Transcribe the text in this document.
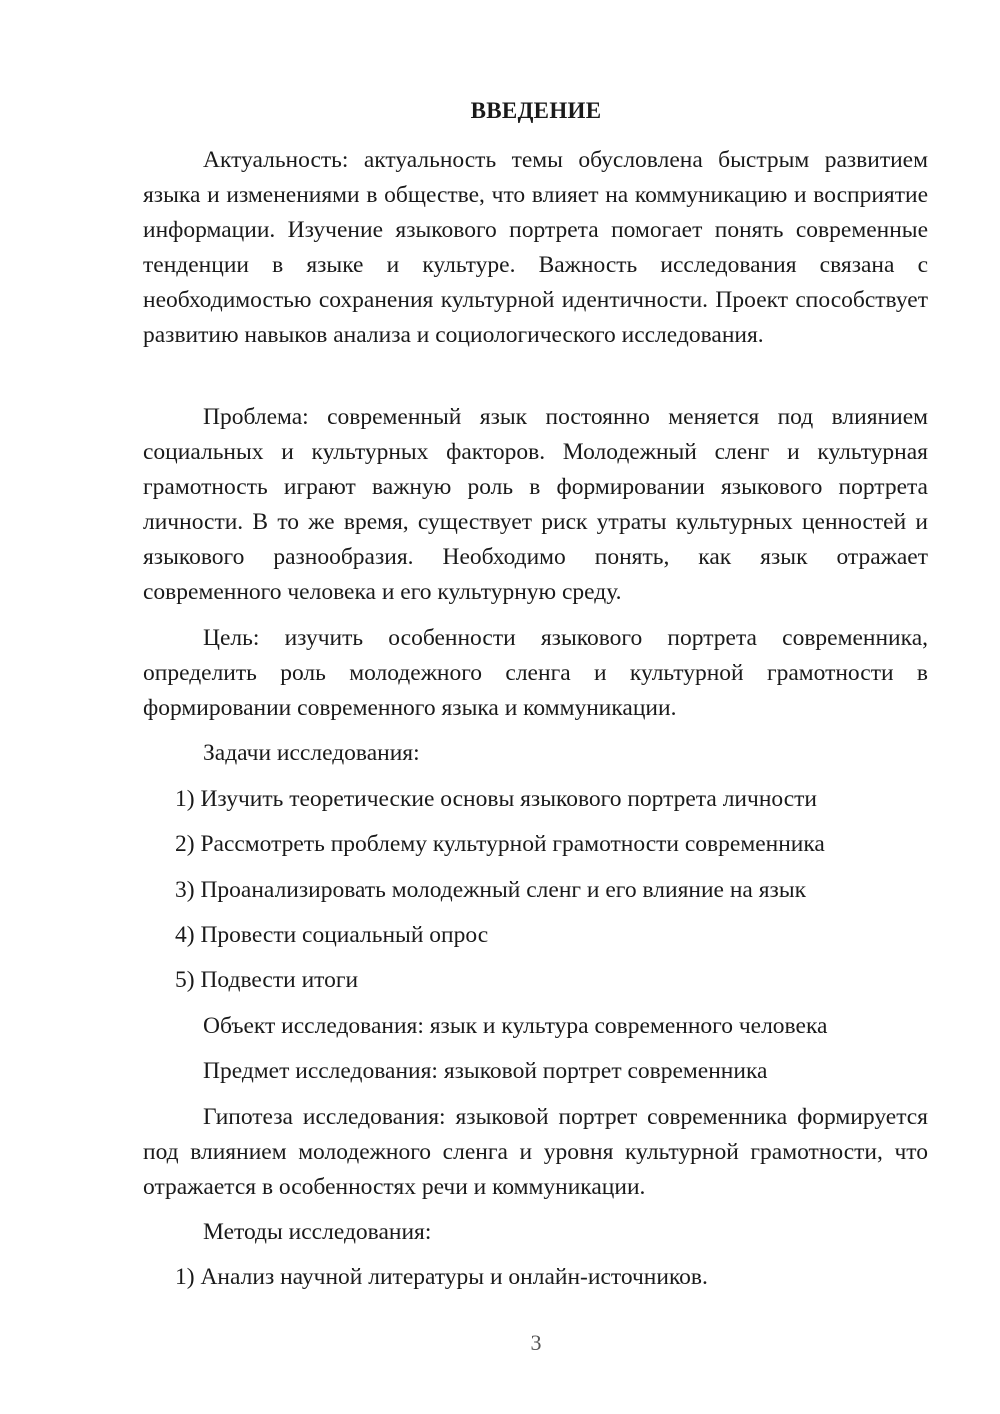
ВВЕДЕНИЕ

Актуальность: актуальность темы обусловлена быстрым развитием языка и изменениями в обществе, что влияет на коммуникацию и восприятие информации. Изучение языкового портрета помогает понять современные тенденции в языке и культуре. Важность исследования связана с необходимостью сохранения культурной идентичности. Проект способствует развитию навыков анализа и социологического исследования.

Проблема: современный язык постоянно меняется под влиянием социальных и культурных факторов. Молодежный сленг и культурная грамотность играют важную роль в формировании языкового портрета личности. В то же время, существует риск утраты культурных ценностей и языкового разнообразия. Необходимо понять, как язык отражает современного человека и его культурную среду.

Цель: изучить особенности языкового портрета современника, определить роль молодежного сленга и культурной грамотности в формировании современного языка и коммуникации.

Задачи исследования:
1) Изучить теоретические основы языкового портрета личности
2) Рассмотреть проблему культурной грамотности современника
3) Проанализировать молодежный сленг и его влияние на язык
4) Провести социальный опрос
5) Подвести итоги
Объект исследования: язык и культура современного человека
Предмет исследования: языковой портрет современника

Гипотеза исследования: языковой портрет современника формируется под влиянием молодежного сленга и уровня культурной грамотности, что отражается в особенностях речи и коммуникации.

Методы исследования:
1) Анализ научной литературы и онлайн-источников.
3
